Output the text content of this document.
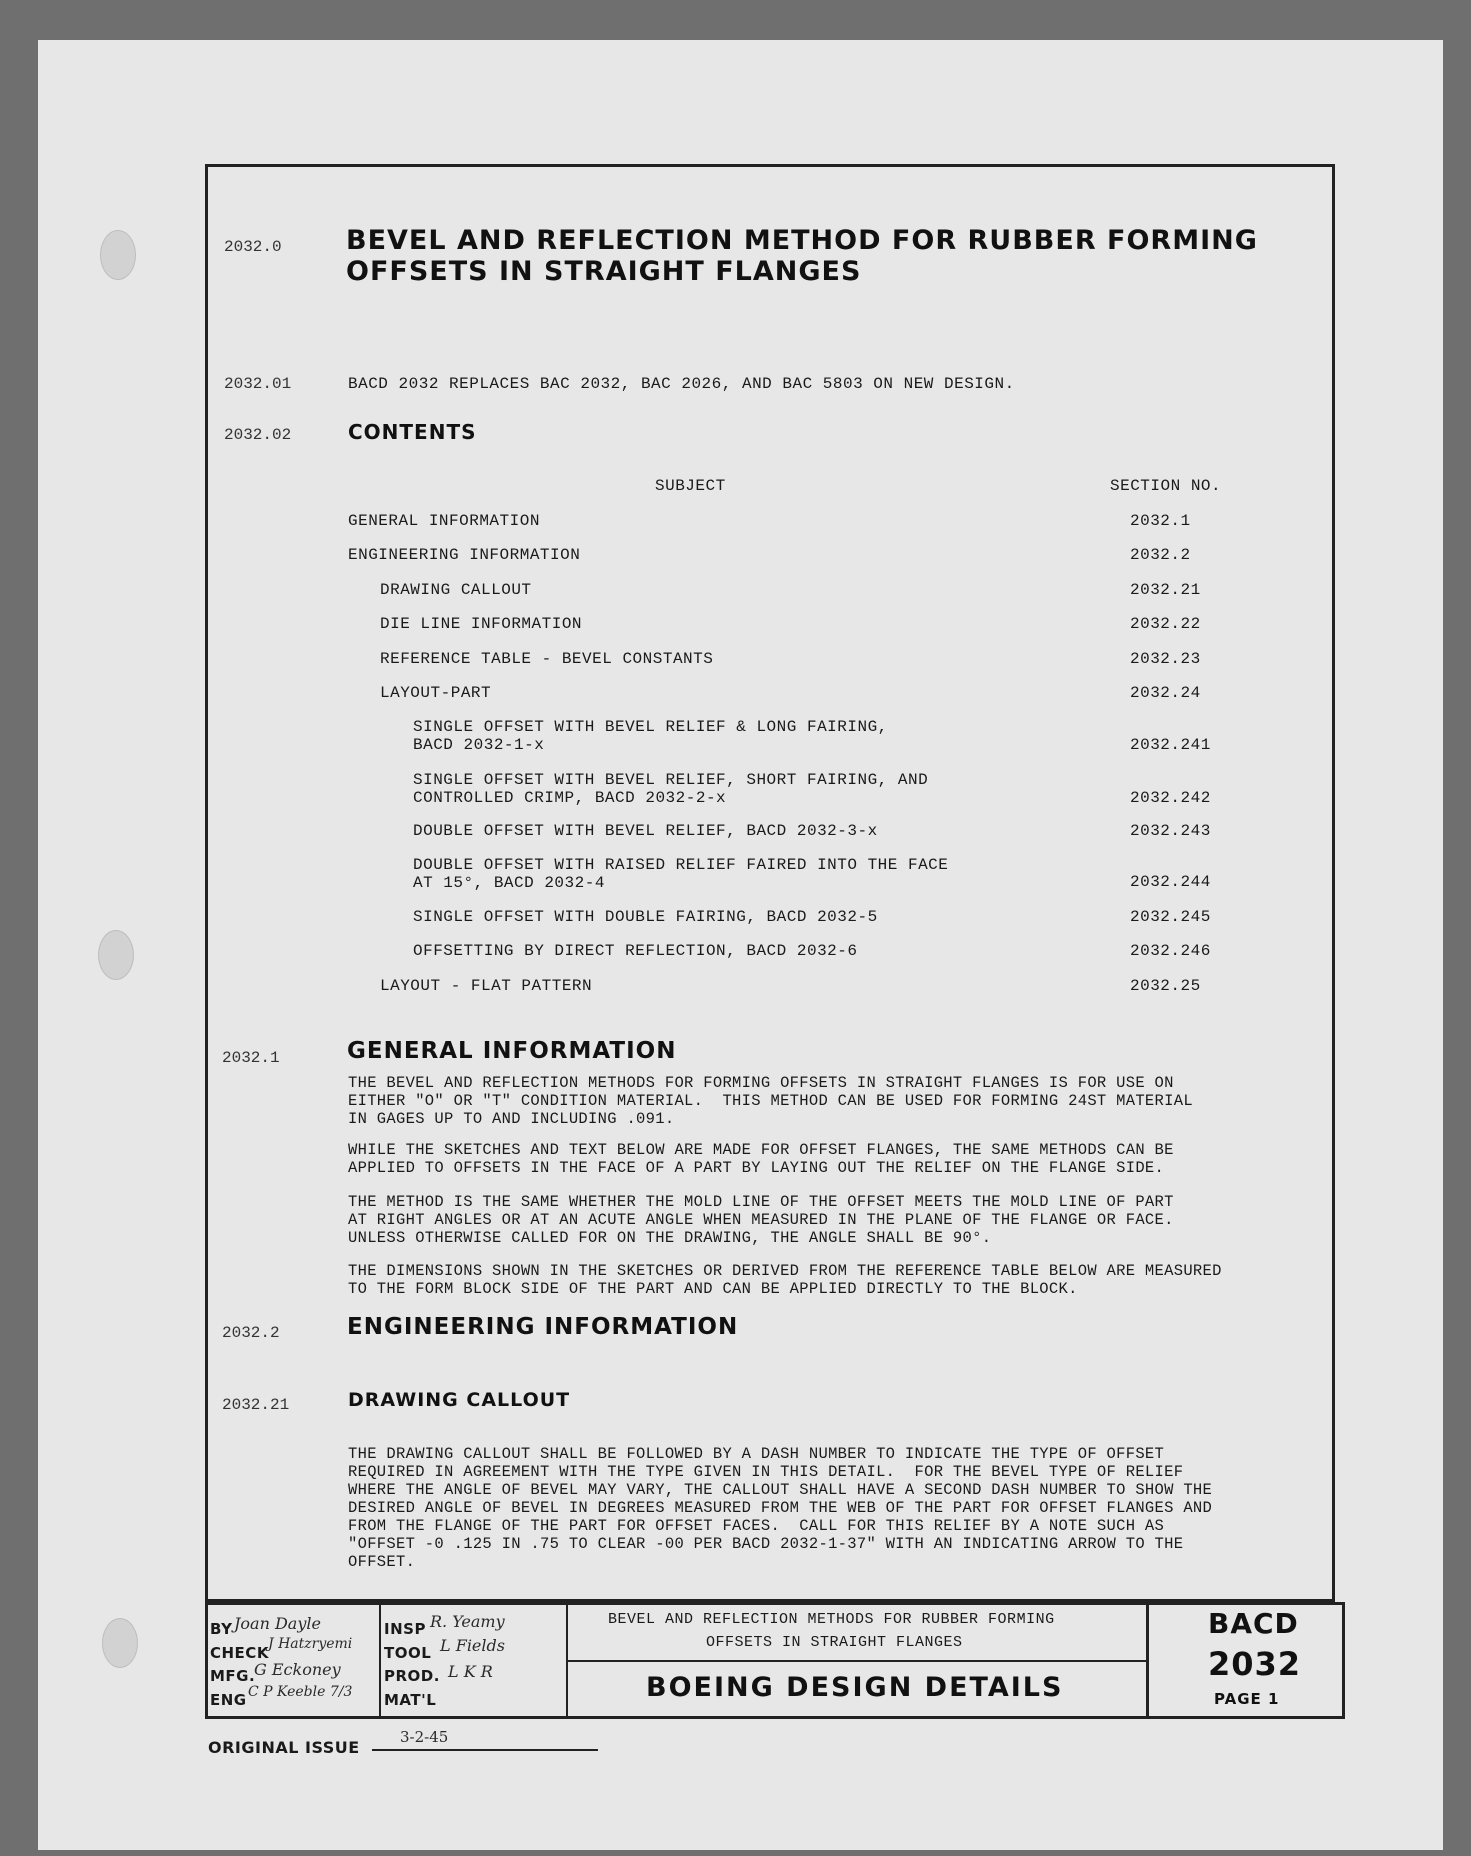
2032.0 BEVEL AND REFLECTION METHOD FOR RUBBER FORMING
OFFSETS IN STRAIGHT FLANGES
2032.01	BACD 2032 REPLACES BAC 2032, BAC 2026, AND BAC 5803 ON NEW DESIGN.
2032.02	CONTENTS
SUBJECT	SECTION NO.
GENERAL INFORMATION	2032.1
ENGINEERING INFORMATION	2032.2
DRAWING CALLOUT	2032.21
DIE LINE INFORMATION	2032.22
REFERENCE TABLE - BEVEL CONSTANTS	2032.23
LAYOUT-PART	2032.24
SINGLE OFFSET WITH BEVEL RELIEF & LONG FAIRING,
BACD 2032-1-x	2032.241
SINGLE OFFSET WITH BEVEL RELIEF, SHORT FAIRING, AND
CONTROLLED CRIMP, BACD 2032-2-x	2032.242
DOUBLE OFFSET WITH BEVEL RELIEF, BACD 2032-3-x	2032.243
DOUBLE OFFSET WITH RAISED RELIEF FAIRED INTO THE FACE
AT 15°, BACD 2032-4	2032.244
SINGLE OFFSET WITH DOUBLE FAIRING, BACD 2032-5	2032.245
OFFSETTING BY DIRECT REFLECTION, BACD 2032-6	2032.246
LAYOUT - FLAT PATTERN	2032.25
2032.1	GENERAL INFORMATION
THE BEVEL AND REFLECTION METHODS FOR FORMING OFFSETS IN STRAIGHT FLANGES IS FOR USE ON
EITHER "O" OR "T" CONDITION MATERIAL.  THIS METHOD CAN BE USED FOR FORMING 24ST MATERIAL
IN GAGES UP TO AND INCLUDING .091.
WHILE THE SKETCHES AND TEXT BELOW ARE MADE FOR OFFSET FLANGES, THE SAME METHODS CAN BE
APPLIED TO OFFSETS IN THE FACE OF A PART BY LAYING OUT THE RELIEF ON THE FLANGE SIDE.
THE METHOD IS THE SAME WHETHER THE MOLD LINE OF THE OFFSET MEETS THE MOLD LINE OF PART
AT RIGHT ANGLES OR AT AN ACUTE ANGLE WHEN MEASURED IN THE PLANE OF THE FLANGE OR FACE.
UNLESS OTHERWISE CALLED FOR ON THE DRAWING, THE ANGLE SHALL BE 90°.
THE DIMENSIONS SHOWN IN THE SKETCHES OR DERIVED FROM THE REFERENCE TABLE BELOW ARE MEASURED
TO THE FORM BLOCK SIDE OF THE PART AND CAN BE APPLIED DIRECTLY TO THE BLOCK.
2032.2	ENGINEERING INFORMATION
2032.21	DRAWING CALLOUT
THE DRAWING CALLOUT SHALL BE FOLLOWED BY A DASH NUMBER TO INDICATE THE TYPE OF OFFSET
REQUIRED IN AGREEMENT WITH THE TYPE GIVEN IN THIS DETAIL.  FOR THE BEVEL TYPE OF RELIEF
WHERE THE ANGLE OF BEVEL MAY VARY, THE CALLOUT SHALL HAVE A SECOND DASH NUMBER TO SHOW THE
DESIRED ANGLE OF BEVEL IN DEGREES MEASURED FROM THE WEB OF THE PART FOR OFFSET FLANGES AND
FROM THE FLANGE OF THE PART FOR OFFSET FACES.  CALL FOR THIS RELIEF BY A NOTE SUCH AS
"OFFSET -0 .125 IN .75 TO CLEAR -00 PER BACD 2032-1-37" WITH AN INDICATING ARROW TO THE
OFFSET.
BY Joan Dayle
CHECK J Hatzryemi
MFG.
G Eckoney
ENG C P Keeble 7/3
INSP R. Yeamy
TOOL L Fields
PROD. L K R
MAT'L
BEVEL AND REFLECTION METHODS FOR RUBBER FORMING
OFFSETS IN STRAIGHT FLANGES
BOEING DESIGN DETAILS
BACD
2032
PAGE 1
ORIGINAL ISSUE
3-2-45
